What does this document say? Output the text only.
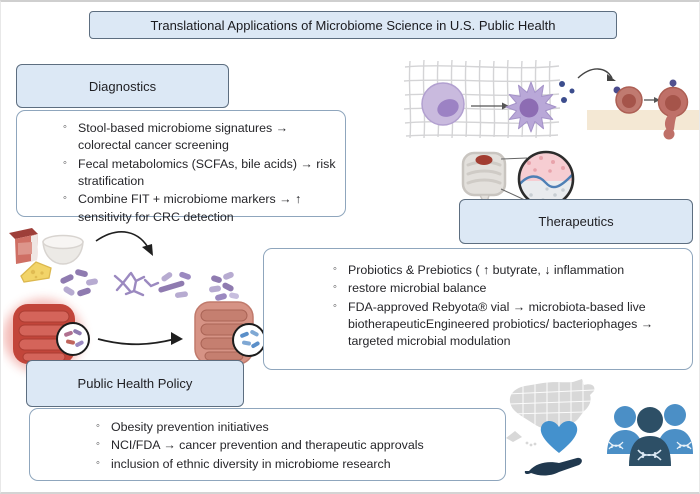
Translational Applications of Microbiome Science in U.S. Public Health
Diagnostics
◦ Stool-based microbiome signatures → colorectal cancer screening
◦ Fecal metabolomics (SCFAs, bile acids) → risk stratification
◦ Combine FIT + microbiome markers → ↑ sensitivity for CRC detection	Therapeutics
◦ Probiotics & Prebiotics ( ↑ butyrate, ↓ inflammation
◦ restore microbial balance
◦ FDA-approved Rebyota® vial → microbiota-based live biotherapeuticEngineered probiotics/ bacteriophages → targeted microbial modulation
Public Health Policy
◦ Obesity prevention initiatives
◦ NCI/FDA → cancer prevention and therapeutic approvals
◦ inclusion of ethnic diversity in microbiome research
